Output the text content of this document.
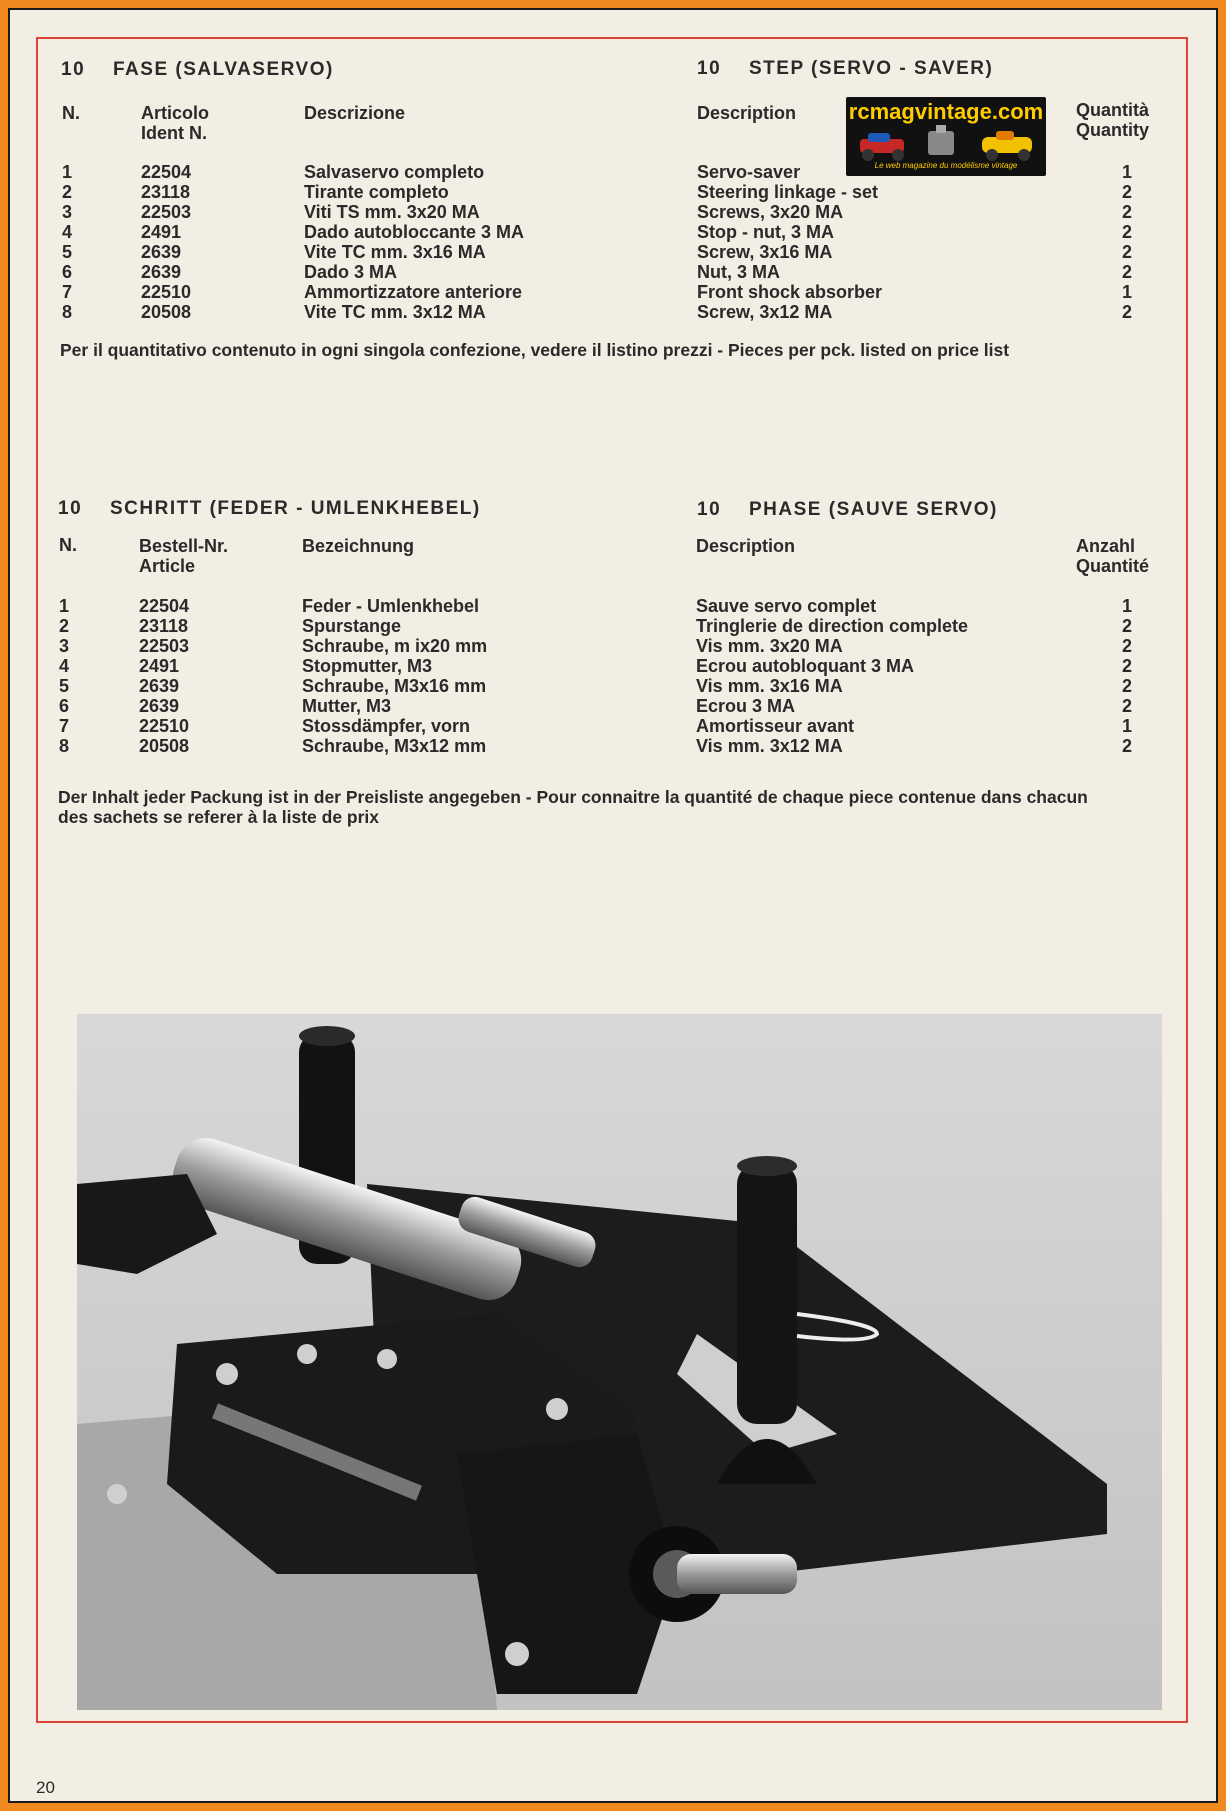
10 FASE (SALVASERVO)	10 STEP (SERVO - SAVER)
rcmagvintage.com
Le web magazine du modélisme vintage
N.	Articolo
Ident N.
Descrizione	Description	Quantità
Quantity
1	22504	Salvaservo completo	Servo-saver	1
2	23118	Tirante completo	Steering linkage - set	2
3	22503	Viti TS mm. 3x20 MA	Screws, 3x20 MA	2
4	2491	Dado autobloccante 3 MA	Stop - nut, 3 MA	2
5	2639	Vite TC mm. 3x16 MA	Screw, 3x16 MA	2
6	2639	Dado 3 MA	Nut, 3 MA	2
7	22510	Ammortizzatore anteriore	Front shock absorber	1
8	20508	Vite TC mm. 3x12 MA	Screw, 3x12 MA	2
Per il quantitativo contenuto in ogni singola confezione, vedere il listino prezzi - Pieces per pck. listed on price list
10 SCHRITT (FEDER - UMLENKHEBEL)	10 PHASE (SAUVE SERVO)
N.	Bestell-Nr.
Article
Bezeichnung	Description	Anzahl
Quantité
1	22504	Feder - Umlenkhebel	Sauve servo complet	1
2	23118	Spurstange	Tringlerie de direction complete	2
3	22503	Schraube, m ix20 mm	Vis mm. 3x20 MA	2
4	2491	Stopmutter, M3	Ecrou autobloquant 3 MA	2
5	2639	Schraube, M3x16 mm	Vis mm. 3x16 MA	2
6	2639	Mutter, M3	Ecrou 3 MA	2
7	22510	Stossdämpfer, vorn	Amortisseur avant	1
8	20508	Schraube, M3x12 mm	Vis mm. 3x12 MA	2
Der Inhalt jeder Packung ist in der Preisliste angegeben - Pour connaitre la quantité de chaque piece contenue dans chacun
des sachets se referer à la liste de prix
20
